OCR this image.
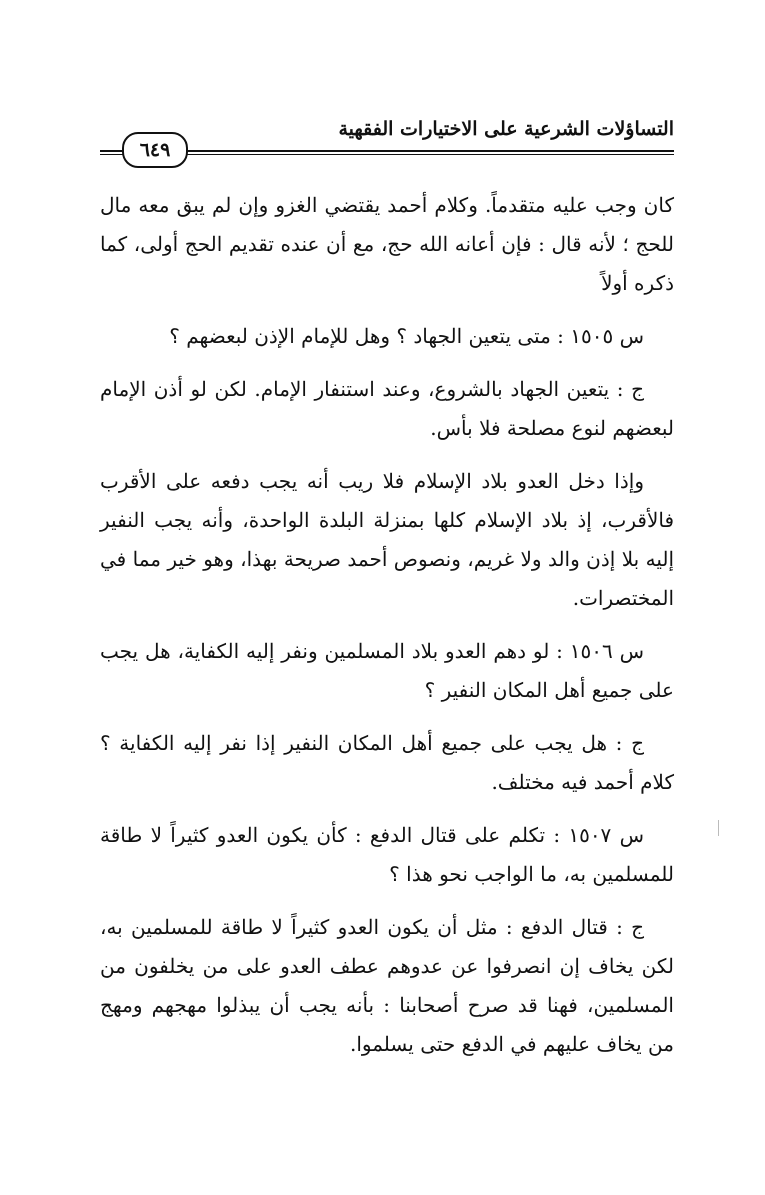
التساؤلات الشرعية على الاختيارات الفقهية
٦٤٩

كان وجب عليه متقدماً. وكلام أحمد يقتضي الغزو وإن لم يبق معه مال للحج ؛ لأنه قال : فإن أعانه الله حج، مع أن عنده تقديم الحج أولى، كما ذكره أولاً

س ١٥٠٥ : متى يتعين الجهاد ؟ وهل للإمام الإذن لبعضهم ؟

ج : يتعين الجهاد بالشروع، وعند استنفار الإمام. لكن لو أذن الإمام لبعضهم لنوع مصلحة فلا بأس.

وإذا دخل العدو بلاد الإسلام فلا ريب أنه يجب دفعه على الأقرب فالأقرب، إذ بلاد الإسلام كلها بمنزلة البلدة الواحدة، وأنه يجب النفير إليه بلا إذن والد ولا غريم، ونصوص أحمد صريحة بهذا، وهو خير مما في المختصرات.

س ١٥٠٦ : لو دهم العدو بلاد المسلمين ونفر إليه الكفاية، هل يجب على جميع أهل المكان النفير ؟

ج : هل يجب على جميع أهل المكان النفير إذا نفر إليه الكفاية ؟ كلام أحمد فيه مختلف.

س ١٥٠٧ : تكلم على قتال الدفع : كأن يكون العدو كثيراً لا طاقة للمسلمين به، ما الواجب نحو هذا ؟

ج : قتال الدفع : مثل أن يكون العدو كثيراً لا طاقة للمسلمين به، لكن يخاف إن انصرفوا عن عدوهم عطف العدو على من يخلفون من المسلمين، فهنا قد صرح أصحابنا : بأنه يجب أن يبذلوا مهجهم ومهج من يخاف عليهم في الدفع حتى يسلموا.
